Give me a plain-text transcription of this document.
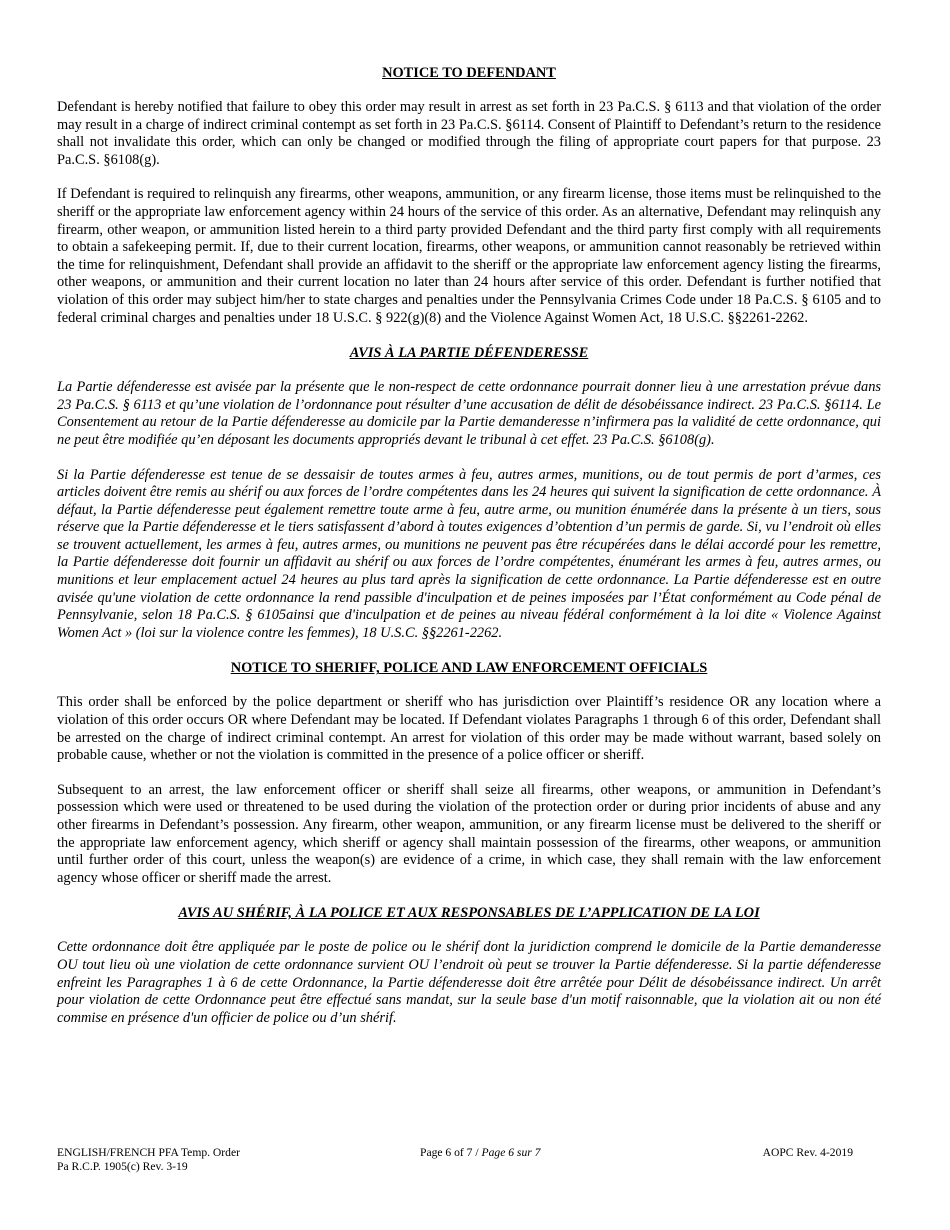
NOTICE TO DEFENDANT

Defendant is hereby notified that failure to obey this order may result in arrest as set forth in 23 Pa.C.S. § 6113 and that violation of the order may result in a charge of indirect criminal contempt as set forth in 23 Pa.C.S. §6114. Consent of Plaintiff to Defendant’s return to the residence shall not invalidate this order, which can only be changed or modified through the filing of appropriate court papers for that purpose. 23 Pa.C.S. §6108(g).

If Defendant is required to relinquish any firearms, other weapons, ammunition, or any firearm license, those items must be relinquished to the sheriff or the appropriate law enforcement agency within 24 hours of the service of this order. As an alternative, Defendant may relinquish any firearm, other weapon, or ammunition listed herein to a third party provided Defendant and the third party first comply with all requirements to obtain a safekeeping permit. If, due to their current location, firearms, other weapons, or ammunition cannot reasonably be retrieved within the time for relinquishment, Defendant shall provide an affidavit to the sheriff or the appropriate law enforcement agency listing the firearms, other weapons, or ammunition and their current location no later than 24 hours after service of this order. Defendant is further notified that violation of this order may subject him/her to state charges and penalties under the Pennsylvania Crimes Code under 18 Pa.C.S. § 6105 and to federal criminal charges and penalties under 18 U.S.C. § 922(g)(8) and the Violence Against Women Act, 18 U.S.C. §§2261-2262.

AVIS À LA PARTIE DÉFENDERESSE

La Partie défenderesse est avisée par la présente que le non-respect de cette ordonnance pourrait donner lieu à une arrestation prévue dans 23 Pa.C.S. § 6113 et qu’une violation de l’ordonnance pout résulter d’une accusation de délit de désobéissance indirect. 23 Pa.C.S. §6114. Le Consentement au retour de la Partie défenderesse au domicile par la Partie demanderesse n’infirmera pas la validité de cette ordonnance, qui ne peut être modifiée qu’en déposant les documents appropriés devant le tribunal à cet effet. 23 Pa.C.S. §6108(g).

Si la Partie défenderesse est tenue de se dessaisir de toutes armes à feu, autres armes, munitions, ou de tout permis de port d’armes, ces articles doivent être remis au shérif ou aux forces de l’ordre compétentes dans les 24 heures qui suivent la signification de cette ordonnance. À défaut, la Partie défenderesse peut également remettre toute arme à feu, autre arme, ou munition énumérée dans la présente à un tiers, sous réserve que la Partie défenderesse et le tiers satisfassent d’abord à toutes exigences d’obtention d’un permis de garde. Si, vu l’endroit où elles se trouvent actuellement, les armes à feu, autres armes, ou munitions ne peuvent pas être récupérées dans le délai accordé pour les remettre, la Partie défenderesse doit fournir un affidavit au shérif ou aux forces de l’ordre compétentes, énumérant les armes à feu, autres armes, ou munitions et leur emplacement actuel 24 heures au plus tard après la signification de cette ordonnance. La Partie défenderesse est en outre avisée qu'une violation de cette ordonnance la rend passible d'inculpation et de peines imposées par l’État conformément au Code pénal de Pennsylvanie, selon 18 Pa.C.S. § 6105ainsi que d'inculpation et de peines au niveau fédéral conformément à la loi dite « Violence Against Women Act » (loi sur la violence contre les femmes), 18 U.S.C. §§2261-2262.

NOTICE TO SHERIFF, POLICE AND LAW ENFORCEMENT OFFICIALS

This order shall be enforced by the police department or sheriff who has jurisdiction over Plaintiff’s residence OR any location where a violation of this order occurs OR where Defendant may be located. If Defendant violates Paragraphs 1 through 6 of this order, Defendant shall be arrested on the charge of indirect criminal contempt. An arrest for violation of this order may be made without warrant, based solely on probable cause, whether or not the violation is committed in the presence of a police officer or sheriff.

Subsequent to an arrest, the law enforcement officer or sheriff shall seize all firearms, other weapons, or ammunition in Defendant’s possession which were used or threatened to be used during the violation of the protection order or during prior incidents of abuse and any other firearms in Defendant’s possession. Any firearm, other weapon, ammunition, or any firearm license must be delivered to the sheriff or the appropriate law enforcement agency, which sheriff or agency shall maintain possession of the firearms, other weapons, or ammunition until further order of this court, unless the weapon(s) are evidence of a crime, in which case, they shall remain with the law enforcement agency whose officer or sheriff made the arrest.

AVIS AU SHÉRIF, À LA POLICE ET AUX RESPONSABLES DE L’APPLICATION DE LA LOI

Cette ordonnance doit être appliquée par le poste de police ou le shérif dont la juridiction comprend le domicile de la Partie demanderesse OU tout lieu où une violation de cette ordonnance survient OU l’endroit où peut se trouver la Partie défenderesse. Si la partie défenderesse enfreint les Paragraphes 1 à 6 de cette Ordonnance, la Partie défenderesse doit être arrêtée pour Délit de désobéissance indirect. Un arrêt pour violation de cette Ordonnance peut être effectué sans mandat, sur la seule base d'un motif raisonnable, que la violation ait ou non été commise en présence d'un officier de police ou d’un shérif.

ENGLISH/FRENCH PFA Temp. Order
Pa R.C.P. 1905(c) Rev. 3-19
Page 6 of 7 / Page 6 sur 7	AOPC Rev. 4-2019
